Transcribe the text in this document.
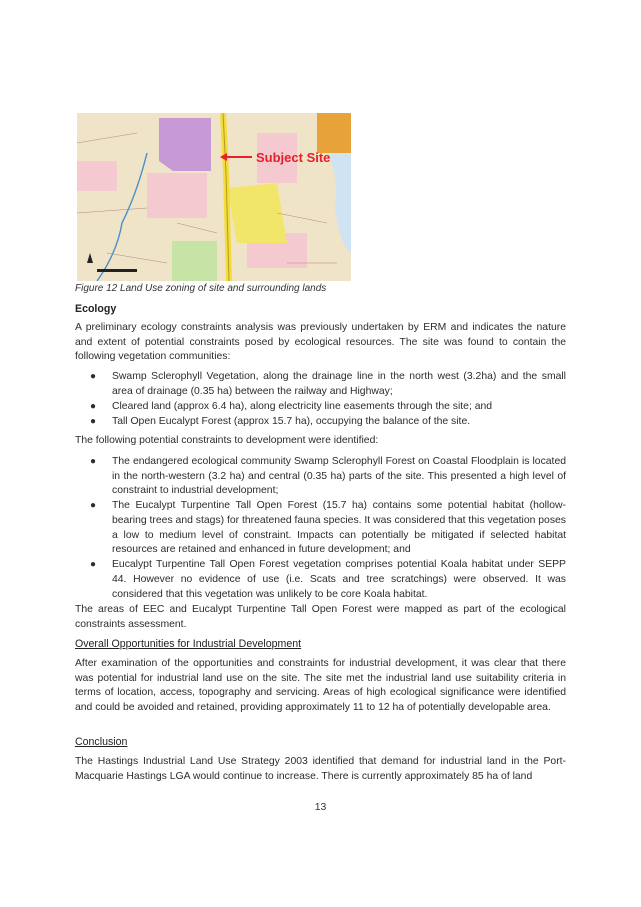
Subject Site
Figure 12 Land Use zoning of site and surrounding lands
Ecology
A preliminary ecology constraints analysis was previously undertaken by ERM and indicates the nature and extent of potential constraints posed by ecological resources. The site was found to contain the following vegetation communities:
● Swamp Sclerophyll Vegetation, along the drainage line in the north west (3.2ha) and the small area of drainage (0.35 ha) between the railway and Highway;
● Cleared land (approx 6.4 ha), along electricity line easements through the site; and
● Tall Open Eucalypt Forest (approx 15.7 ha), occupying the balance of the site.
The following potential constraints to development were identified:
● The endangered ecological community Swamp Sclerophyll Forest on Coastal Floodplain is located in the north-western (3.2 ha) and central (0.35 ha) parts of the site. This presented a high level of constraint to industrial development;
● The Eucalypt Turpentine Tall Open Forest (15.7 ha) contains some potential habitat (hollow-bearing trees and stags) for threatened fauna species. It was considered that this vegetation poses a low to medium level of constraint. Impacts can potentially be mitigated if selected habitat resources are retained and enhanced in future development; and
● Eucalypt Turpentine Tall Open Forest vegetation comprises potential Koala habitat under SEPP 44. However no evidence of use (i.e. Scats and tree scratchings) were observed. It was considered that this vegetation was unlikely to be core Koala habitat.
The areas of EEC and Eucalypt Turpentine Tall Open Forest were mapped as part of the ecological constraints assessment.
Overall Opportunities for Industrial Development
After examination of the opportunities and constraints for industrial development, it was clear that there was potential for industrial land use on the site. The site met the industrial land use suitability criteria in terms of location, access, topography and servicing. Areas of high ecological significance were identified and could be avoided and retained, providing approximately 11 to 12 ha of potentially developable area.
Conclusion
The Hastings Industrial Land Use Strategy 2003 identified that demand for industrial land in the Port-Macquarie Hastings LGA would continue to increase. There is currently approximately 85 ha of land
13
